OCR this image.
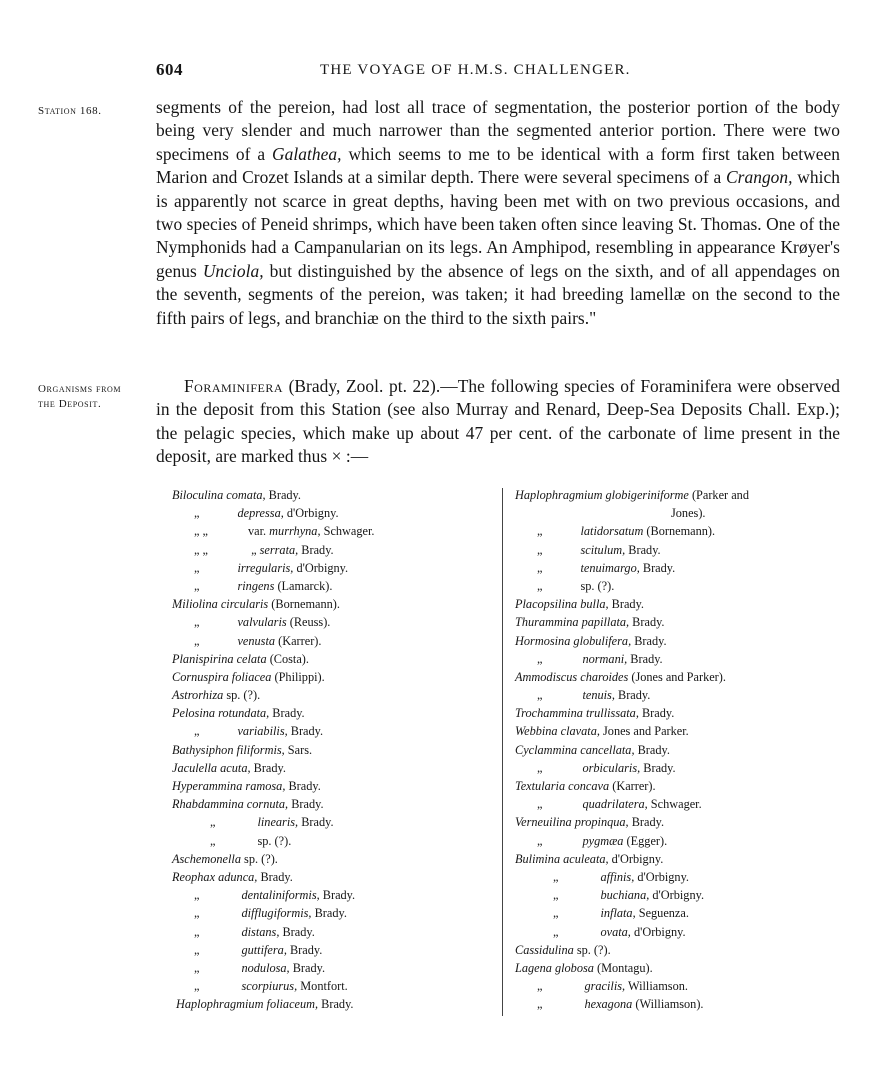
604	THE VOYAGE OF H.M.S. CHALLENGER.
Station 168.	segments of the pereion, had lost all trace of segmentation, the posterior portion of the body being very slender and much narrower than the segmented anterior portion. There were two specimens of a Galathea, which seems to me to be identical with a form first taken between Marion and Crozet Islands at a similar depth. There were several specimens of a Crangon, which is apparently not scarce in great depths, having been met with on two previous occasions, and two species of Peneid shrimps, which have been taken often since leaving St. Thomas. One of the Nymphonids had a Campanularian on its legs. An Amphipod, resembling in appearance Krøyer's genus Unciola, but distinguished by the absence of legs on the sixth, and of all appendages on the seventh, segments of the pereion, was taken; it had breeding lamellæ on the second to the fifth pairs of legs, and branchiæ on the third to the sixth pairs."
Organisms from
the Deposit.
Foraminifera (Brady, Zool. pt. 22).—The following species of Foraminifera were observed in the deposit from this Station (see also Murray and Renard, Deep-Sea Deposits Chall. Exp.); the pelagic species, which make up about 47 per cent. of the carbonate of lime present in the deposit, are marked thus × :—
Biloculina comata, Brady.
„	depressa, d'Orbigny.
„ „	var. murrhyna, Schwager.
„ „	„ serrata, Brady.
„	irregularis, d'Orbigny.
„	ringens (Lamarck).
Miliolina circularis (Bornemann).
„	valvularis (Reuss).
„	venusta (Karrer).
Planispirina celata (Costa).
Cornuspira foliacea (Philippi).
Astrorhiza sp. (?).
Pelosina rotundata, Brady.
„	variabilis, Brady.
Bathysiphon filiformis, Sars.
Jaculella acuta, Brady.
Hyperammina ramosa, Brady.
Rhabdammina cornuta, Brady.
„	linearis, Brady.
„	sp. (?).
Aschemonella sp. (?).
Reophax adunca, Brady.
„	dentaliniformis, Brady.
„	difflugiformis, Brady.
„	distans, Brady.
„	guttifera, Brady.
„	nodulosa, Brady.
„	scorpiurus, Montfort.
Haplophragmium foliaceum, Brady.
Haplophragmium globigeriniforme (Parker and
Jones).
„	latidorsatum (Bornemann).
„	scitulum, Brady.
„	tenuimargo, Brady.
„	sp. (?).
Placopsilina bulla, Brady.
Thurammina papillata, Brady.
Hormosina globulifera, Brady.
„	normani, Brady.
Ammodiscus charoides (Jones and Parker).
„	tenuis, Brady.
Trochammina trullissata, Brady.
Webbina clavata, Jones and Parker.
Cyclammina cancellata, Brady.
„	orbicularis, Brady.
Textularia concava (Karrer).
„	quadrilatera, Schwager.
Verneuilina propinqua, Brady.
„	pygmæa (Egger).
Bulimina aculeata, d'Orbigny.
„	affinis, d'Orbigny.
„	buchiana, d'Orbigny.
„	inflata, Seguenza.
„	ovata, d'Orbigny.
Cassidulina sp. (?).
Lagena globosa (Montagu).
„	gracilis, Williamson.
„	hexagona (Williamson).
